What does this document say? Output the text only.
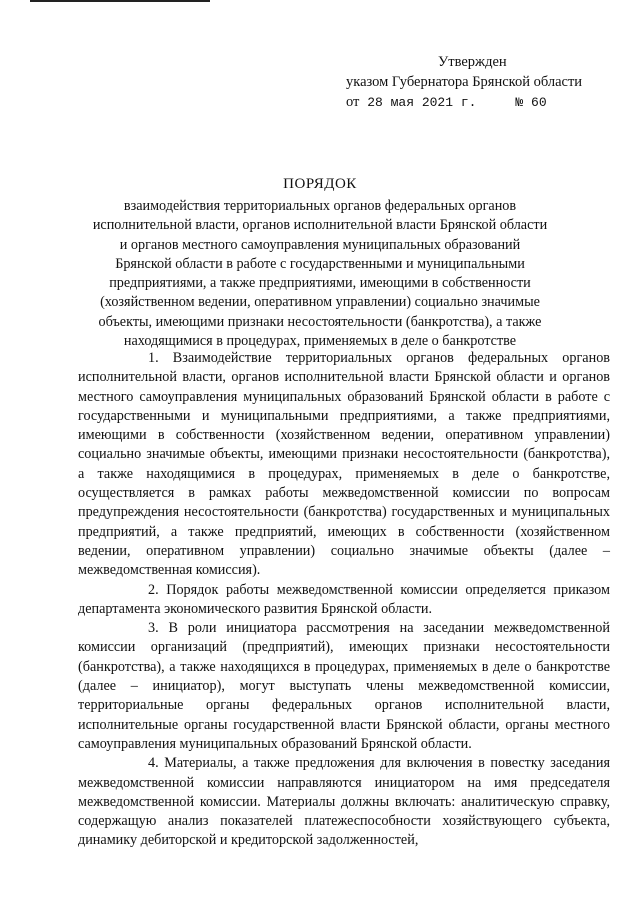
Утвержден
указом Губернатора Брянской области
от 28 мая 2021 г.     № 60
ПОРЯДОК
взаимодействия территориальных органов федеральных органов исполнительной власти, органов исполнительной власти Брянской области и органов местного самоуправления муниципальных образований Брянской области в работе с государственными и муниципальными предприятиями, а также предприятиями, имеющими в собственности (хозяйственном ведении, оперативном управлении) социально значимые объекты, имеющими признаки несостоятельности (банкротства), а также находящимися в процедурах, применяемых в деле о банкротстве

1. Взаимодействие территориальных органов федеральных органов исполнительной власти, органов исполнительной власти Брянской области и органов местного самоуправления муниципальных образований Брянской области в работе с государственными и муниципальными предприятиями, а также предприятиями, имеющими в собственности (хозяйственном ведении, оперативном управлении) социально значимые объекты, имеющими признаки несостоятельности (банкротства), а также находящимися в процедурах, применяемых в деле о банкротстве, осуществляется в рамках работы межведомственной комиссии по вопросам предупреждения несостоятельности (банкротства) государственных и муниципальных предприятий, а также предприятий, имеющих в собственности (хозяйственном ведении, оперативном управлении) социально значимые объекты (далее – межведомственная комиссия).

2. Порядок работы межведомственной комиссии определяется приказом департамента экономического развития Брянской области.

3. В роли инициатора рассмотрения на заседании межведомственной комиссии организаций (предприятий), имеющих признаки несостоятельности (банкротства), а также находящихся в процедурах, применяемых в деле о банкротстве (далее – инициатор), могут выступать члены межведомственной комиссии, территориальные органы федеральных органов исполнительной власти, исполнительные органы государственной власти Брянской области, органы местного самоуправления муниципальных образований Брянской области.

4. Материалы, а также предложения для включения в повестку заседания межведомственной комиссии направляются инициатором на имя председателя межведомственной комиссии. Материалы должны включать: аналитическую справку, содержащую анализ показателей платежеспособности хозяйствующего субъекта, динамику дебиторской и кредиторской задолженностей,
